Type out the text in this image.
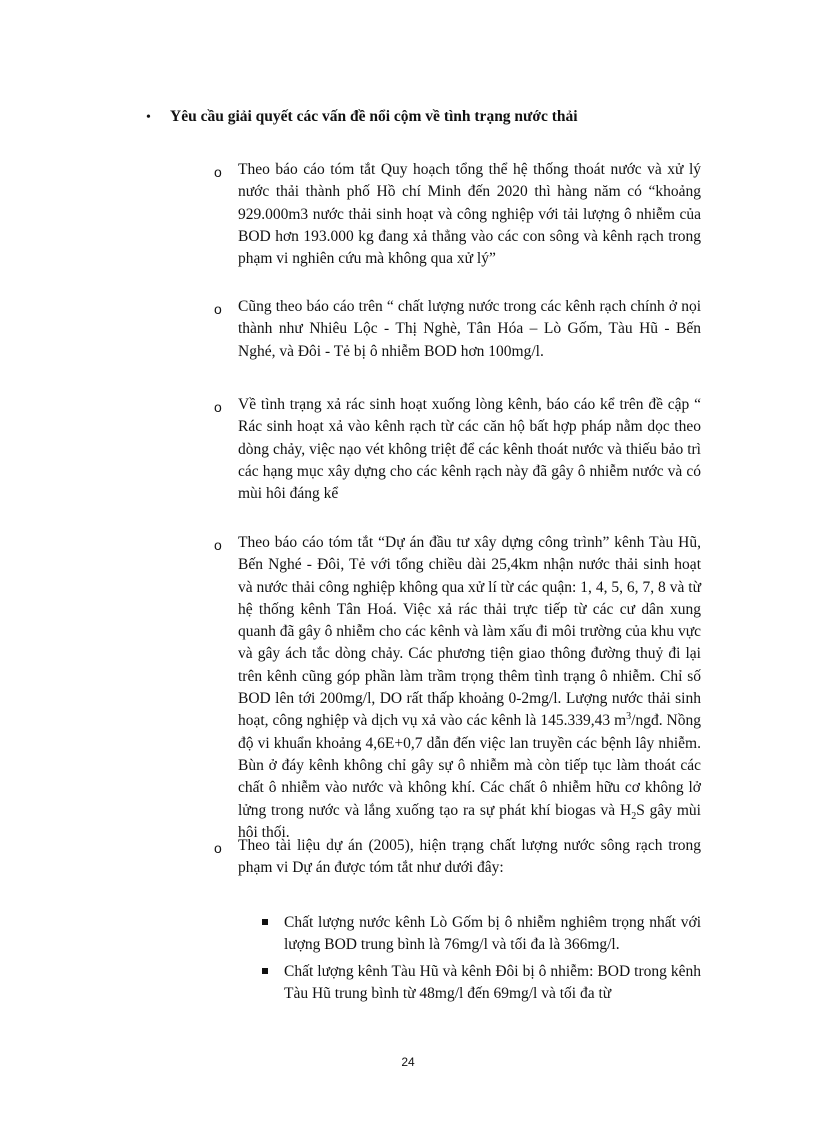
• Yêu cầu giải quyết các vấn đề nổi cộm về tình trạng nước thải
o Theo báo cáo tóm tắt Quy hoạch tổng thể hệ thống thoát nước và xử lý nước thải thành phố Hồ chí Minh đến 2020 thì hàng năm có “khoảng 929.000m3 nước thải sinh hoạt và công nghiệp với tải lượng ô nhiễm của BOD hơn 193.000 kg đang xả thẳng vào các con sông và kênh rạch trong phạm vi nghiên cứu mà không qua xử lý”

o Cũng theo báo cáo trên “ chất lượng nước trong các kênh rạch chính ở nọi thành như Nhiêu Lộc - Thị Nghè, Tân Hóa – Lò Gốm, Tàu Hũ - Bến Nghé, và Đôi - Tẻ bị ô nhiễm BOD hơn 100mg/l.

o Về tình trạng xả rác sinh hoạt xuống lòng kênh, báo cáo kể trên đề cập “ Rác sinh hoạt xả vào kênh rạch từ các căn hộ bất hợp pháp nằm dọc theo dòng chảy, việc nạo vét không triệt để các kênh thoát nước và thiếu bảo trì các hạng mục xây dựng cho các kênh rạch này đã gây ô nhiễm nước và có mùi hôi đáng kể

o Theo báo cáo tóm tắt “Dự án đầu tư xây dựng công trình” kênh Tàu Hũ, Bến Nghé - Đôi, Tẻ với tổng chiều dài 25,4km nhận nước thải sinh hoạt và nước thải công nghiệp không qua xử lí từ các quận: 1, 4, 5, 6, 7, 8 và từ hệ thống kênh Tân Hoá. Việc xả rác thải trực tiếp từ các cư dân xung quanh đã gây ô nhiễm cho các kênh và làm xấu đi môi trường của khu vực và gây ách tắc dòng chảy. Các phương tiện giao thông đường thuỷ đi lại trên kênh cũng góp phần làm trầm trọng thêm tình trạng ô nhiễm. Chỉ số BOD lên tới 200mg/l, DO rất thấp khoảng 0-2mg/l. Lượng nước thải sinh hoạt, công nghiệp và dịch vụ xả vào các kênh là 145.339,43 $m^3$/ngđ. Nồng độ vi khuẩn khoảng 4,6E+0,7 dẫn đến việc lan truyền các bệnh lây nhiễm. Bùn ở đáy kênh không chỉ gây sự ô nhiễm mà còn tiếp tục làm thoát các chất ô nhiễm vào nước và không khí. Các chất ô nhiễm hữu cơ không lở lửng trong nước và lắng xuống tạo ra sự phát khí biogas và $H_2S$ gây mùi hôi thối.

o Theo tài liệu dự án (2005), hiện trạng chất lượng nước sông rạch trong phạm vi Dự án được tóm tắt như dưới đây:

Chất lượng nước kênh Lò Gốm bị ô nhiễm nghiêm trọng nhất với lượng BOD trung bình là 76mg/l và tối đa là 366mg/l.

Chất lượng kênh Tàu Hũ và kênh Đôi bị ô nhiễm: BOD trong kênh Tàu Hũ trung bình từ 48mg/l đến 69mg/l và tối đa từ

24
